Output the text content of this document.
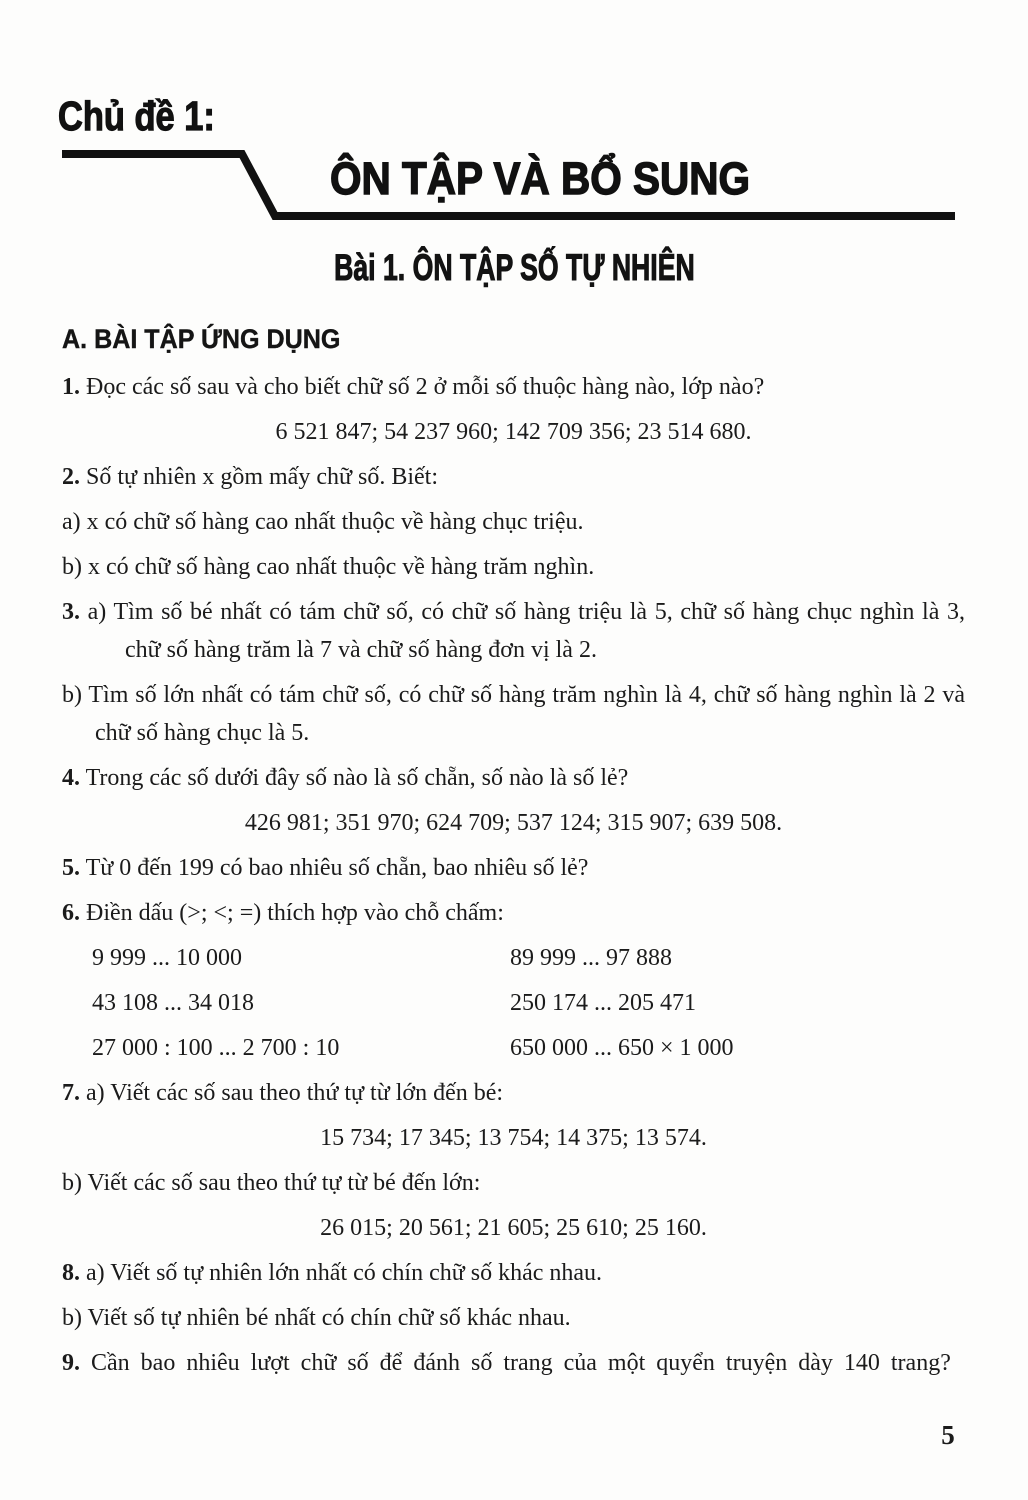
Chủ đề 1:
ÔN TẬP VÀ BỔ SUNG
Bài 1. ÔN TẬP SỐ TỰ NHIÊN
A. BÀI TẬP ỨNG DỤNG

1. Đọc các số sau và cho biết chữ số 2 ở mỗi số thuộc hàng nào, lớp nào?

6 521 847; 54 237 960; 142 709 356; 23 514 680.

2. Số tự nhiên x gồm mấy chữ số. Biết:

a) x có chữ số hàng cao nhất thuộc về hàng chục triệu.

b) x có chữ số hàng cao nhất thuộc về hàng trăm nghìn.

3. a) Tìm số bé nhất có tám chữ số, có chữ số hàng triệu là 5, chữ số hàng chục nghìn là 3, chữ số hàng trăm là 7 và chữ số hàng đơn vị là 2.

b) Tìm số lớn nhất có tám chữ số, có chữ số hàng trăm nghìn là 4, chữ số hàng nghìn là 2 và chữ số hàng chục là 5.

4. Trong các số dưới đây số nào là số chẵn, số nào là số lẻ?

426 981; 351 970; 624 709; 537 124; 315 907; 639 508.

5. Từ 0 đến 199 có bao nhiêu số chẵn, bao nhiêu số lẻ?

6. Điền dấu (>; <; =) thích hợp vào chỗ chấm:

9 999 ... 10 000	89 999 ... 97 888
43 108 ... 34 018	250 174 ... 205 471
27 000 : 100 ... 2 700 : 10	650 000 ... 650 × 1 000

7. a) Viết các số sau theo thứ tự từ lớn đến bé:

15 734; 17 345; 13 754; 14 375; 13 574.

b) Viết các số sau theo thứ tự từ bé đến lớn:

26 015; 20 561; 21 605; 25 610; 25 160.

8. a) Viết số tự nhiên lớn nhất có chín chữ số khác nhau.

b) Viết số tự nhiên bé nhất có chín chữ số khác nhau.

9. Cần bao nhiêu lượt chữ số để đánh số trang của một quyển truyện dày 140 trang?

5
